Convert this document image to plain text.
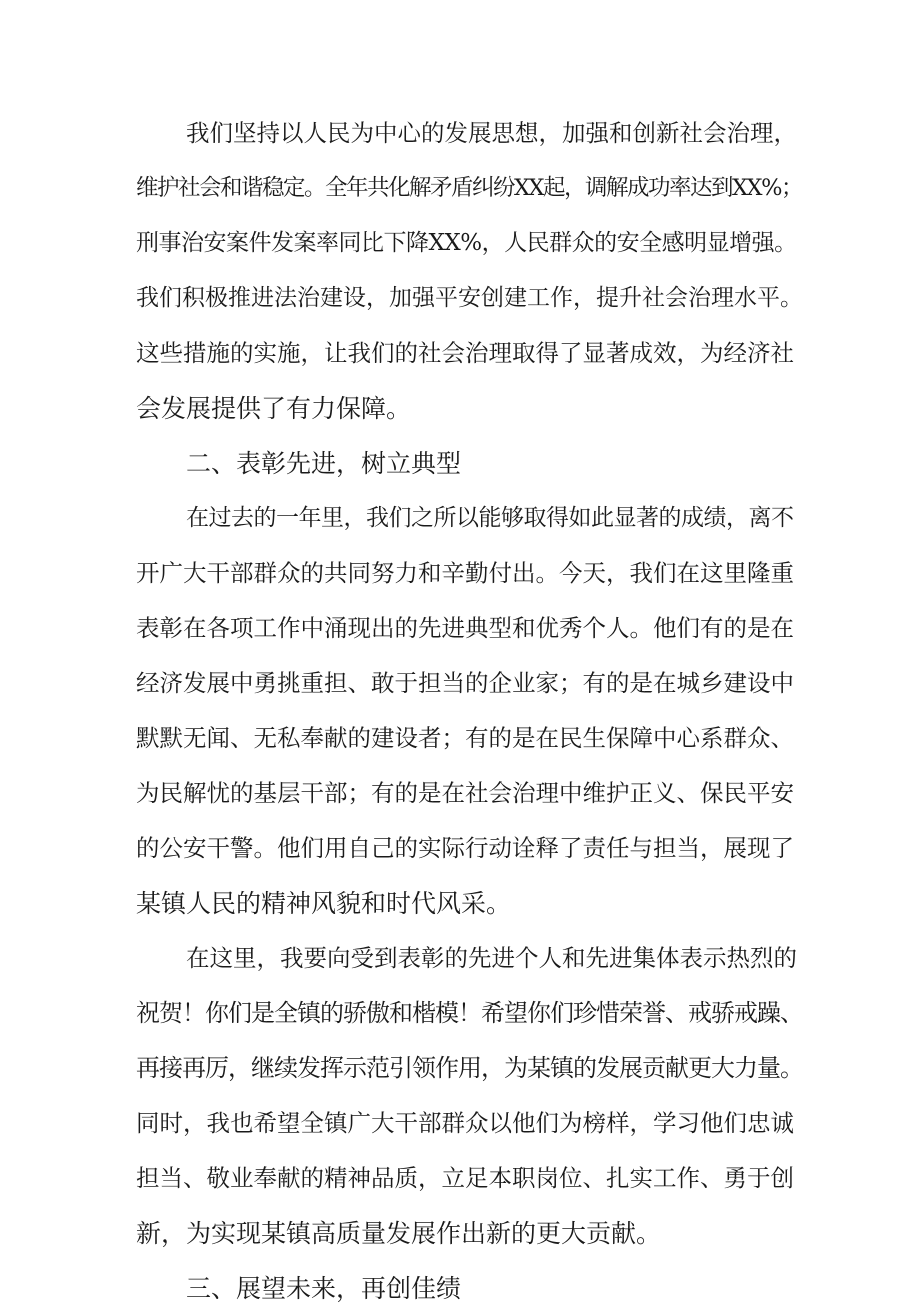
我们坚持以人民为中心的发展思想，加强和创新社会治理，
维护社会和谐稳定。全年共化解矛盾纠纷XX起，调解成功率达到XX%；
刑事治安案件发案率同比下降XX%，人民群众的安全感明显增强。
我们积极推进法治建设，加强平安创建工作，提升社会治理水平。
这些措施的实施，让我们的社会治理取得了显著成效，为经济社
会发展提供了有力保障。
二、表彰先进，树立典型
在过去的一年里，我们之所以能够取得如此显著的成绩，离不
开广大干部群众的共同努力和辛勤付出。今天，我们在这里隆重
表彰在各项工作中涌现出的先进典型和优秀个人。他们有的是在
经济发展中勇挑重担、敢于担当的企业家；有的是在城乡建设中
默默无闻、无私奉献的建设者；有的是在民生保障中心系群众、
为民解忧的基层干部；有的是在社会治理中维护正义、保民平安
的公安干警。他们用自己的实际行动诠释了责任与担当，展现了
某镇人民的精神风貌和时代风采。
在这里，我要向受到表彰的先进个人和先进集体表示热烈的
祝贺！你们是全镇的骄傲和楷模！希望你们珍惜荣誉、戒骄戒躁、
再接再厉，继续发挥示范引领作用，为某镇的发展贡献更大力量。
同时，我也希望全镇广大干部群众以他们为榜样，学习他们忠诚
担当、敬业奉献的精神品质，立足本职岗位、扎实工作、勇于创
新，为实现某镇高质量发展作出新的更大贡献。
三、展望未来，再创佳绩
